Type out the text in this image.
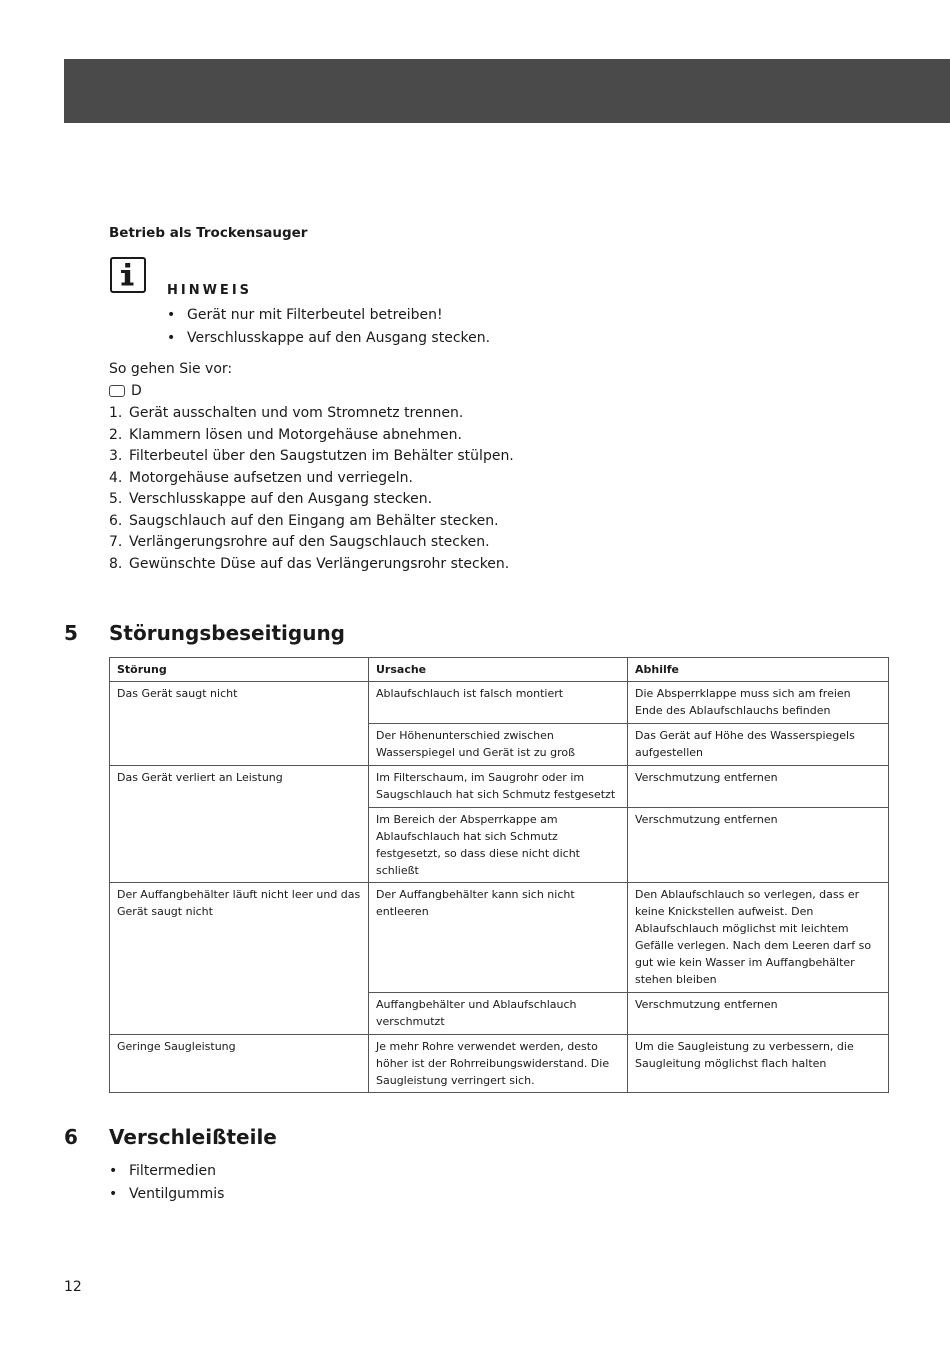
Betrieb als Trockensauger
HINWEIS
• Gerät nur mit Filterbeutel betreiben!
• Verschlusskappe auf den Ausgang stecken.
So gehen Sie vor:
D
1. Gerät ausschalten und vom Stromnetz trennen.
2. Klammern lösen und Motorgehäuse abnehmen.
3. Filterbeutel über den Saugstutzen im Behälter stülpen.
4. Motorgehäuse aufsetzen und verriegeln.
5. Verschlusskappe auf den Ausgang stecken.
6. Saugschlauch auf den Eingang am Behälter stecken.
7. Verlängerungsrohre auf den Saugschlauch stecken.
8. Gewünschte Düse auf das Verlängerungsrohr stecken.
5	Störungsbeseitigung
Störung	Ursache	Abhilfe
Das Gerät saugt nicht	Ablaufschlauch ist falsch montiert	Die Absperrklappe muss sich am freien Ende des Ablaufschlauchs befinden
	Der Höhenunterschied zwischen Wasserspiegel und Gerät ist zu groß	Das Gerät auf Höhe des Wasserspiegels aufgestellen
Das Gerät verliert an Leistung	Im Filterschaum, im Saugrohr oder im Saugschlauch hat sich Schmutz festgesetzt	Verschmutzung entfernen
	Im Bereich der Absperrkappe am Ablaufschlauch hat sich Schmutz festgesetzt, so dass diese nicht dicht schließt	Verschmutzung entfernen
Der Auffangbehälter läuft nicht leer und das Gerät saugt nicht	Der Auffangbehälter kann sich nicht entleeren	Den Ablaufschlauch so verlegen, dass er keine Knickstellen aufweist. Den Ablaufschlauch möglichst mit leichtem Gefälle verlegen. Nach dem Leeren darf so gut wie kein Wasser im Auffangbehälter stehen bleiben
	Auffangbehälter und Ablaufschlauch verschmutzt	Verschmutzung entfernen
Geringe Saugleistung	Je mehr Rohre verwendet werden, desto höher ist der Rohrreibungswiderstand. Die Saugleistung verringert sich.	Um die Saugleistung zu verbessern, die Saugleitung möglichst flach halten
6	Verschleißteile
• Filtermedien
• Ventilgummis
12
